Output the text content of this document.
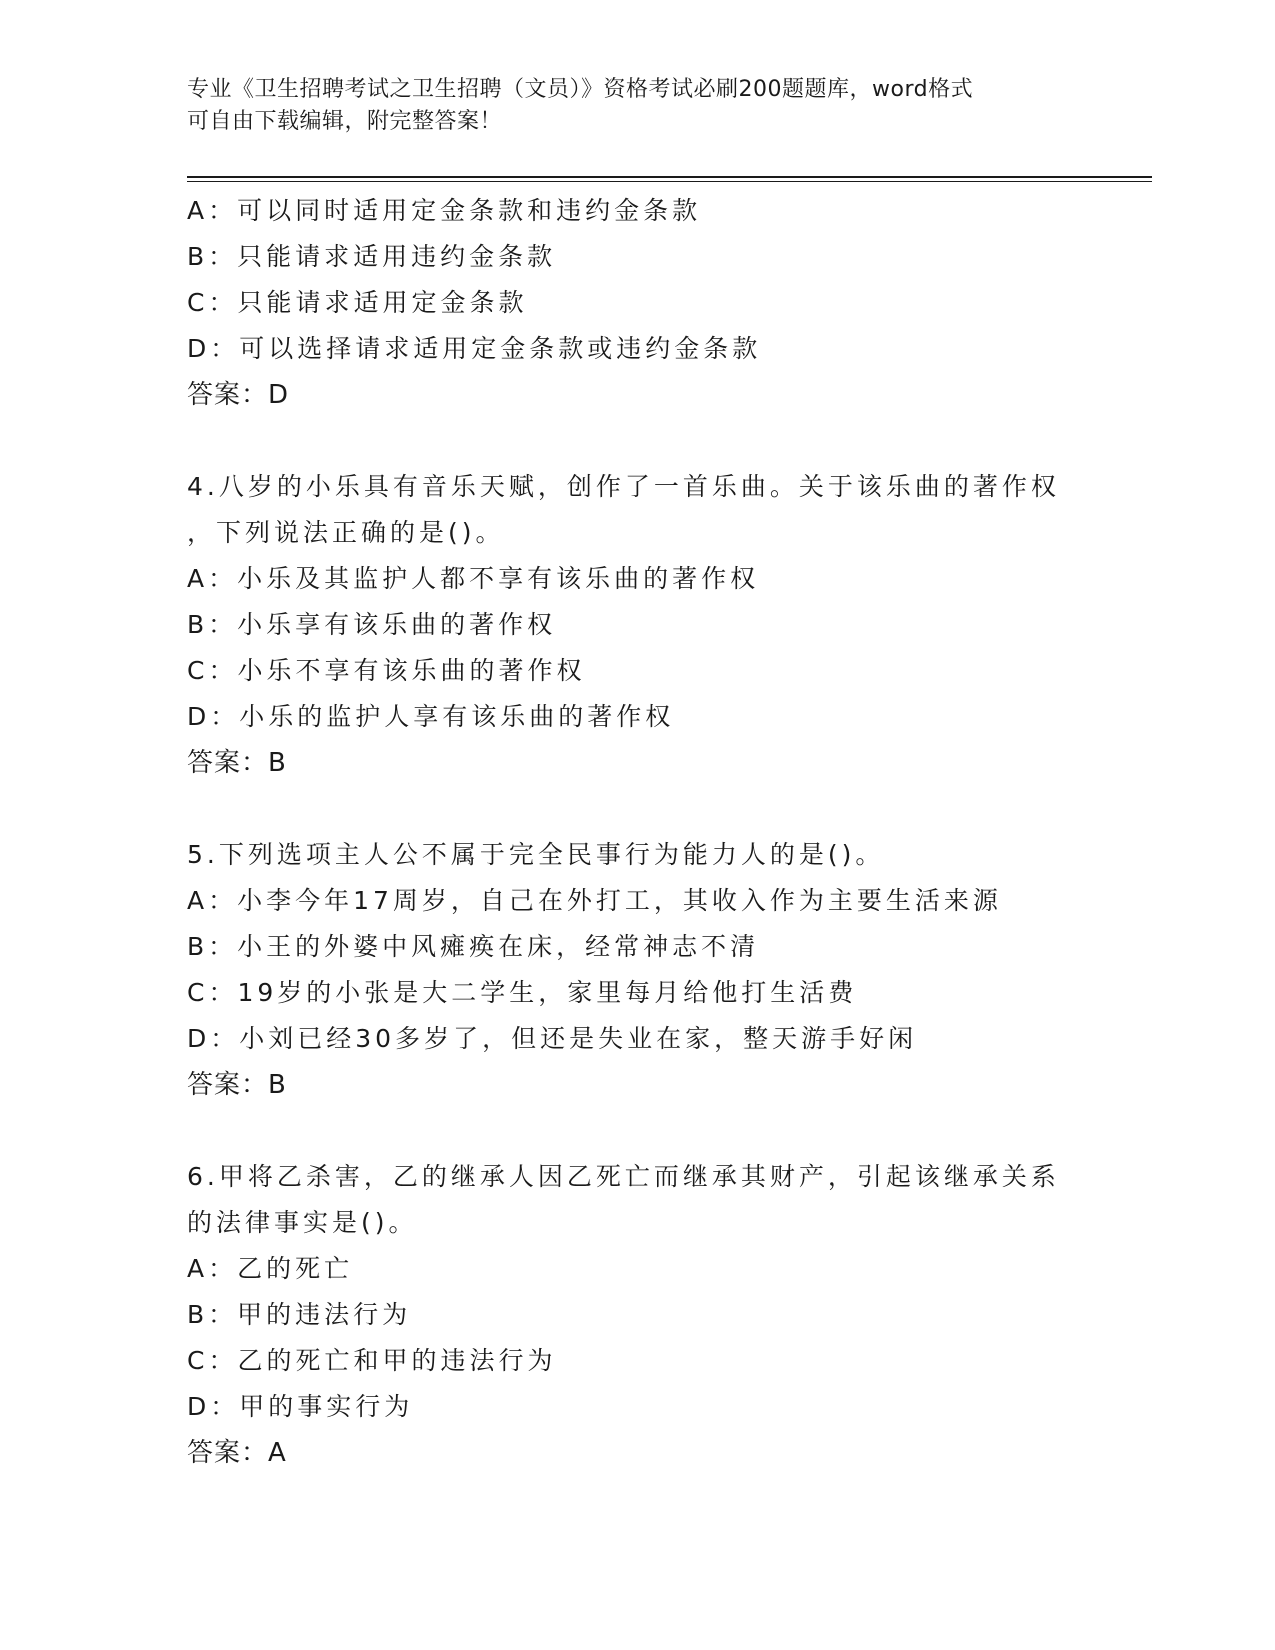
专业《卫生招聘考试之卫生招聘（文员）》资格考试必刷200题题库，word格式
可自由下载编辑，附完整答案！
A：可以同时适用定金条款和违约金条款
B：只能请求适用违约金条款
C：只能请求适用定金条款
D：可以选择请求适用定金条款或违约金条款
答案：D
4.八岁的小乐具有音乐天赋，创作了一首乐曲。关于该乐曲的著作权
，下列说法正确的是()。
A：小乐及其监护人都不享有该乐曲的著作权
B：小乐享有该乐曲的著作权
C：小乐不享有该乐曲的著作权
D：小乐的监护人享有该乐曲的著作权
答案：B
5.下列选项主人公不属于完全民事行为能力人的是()。
A：小李今年17周岁，自己在外打工，其收入作为主要生活来源
B：小王的外婆中风瘫痪在床，经常神志不清
C：19岁的小张是大二学生，家里每月给他打生活费
D：小刘已经30多岁了，但还是失业在家，整天游手好闲
答案：B
6.甲将乙杀害，乙的继承人因乙死亡而继承其财产，引起该继承关系
的法律事实是()。
A：乙的死亡
B：甲的违法行为
C：乙的死亡和甲的违法行为
D：甲的事实行为
答案：A
